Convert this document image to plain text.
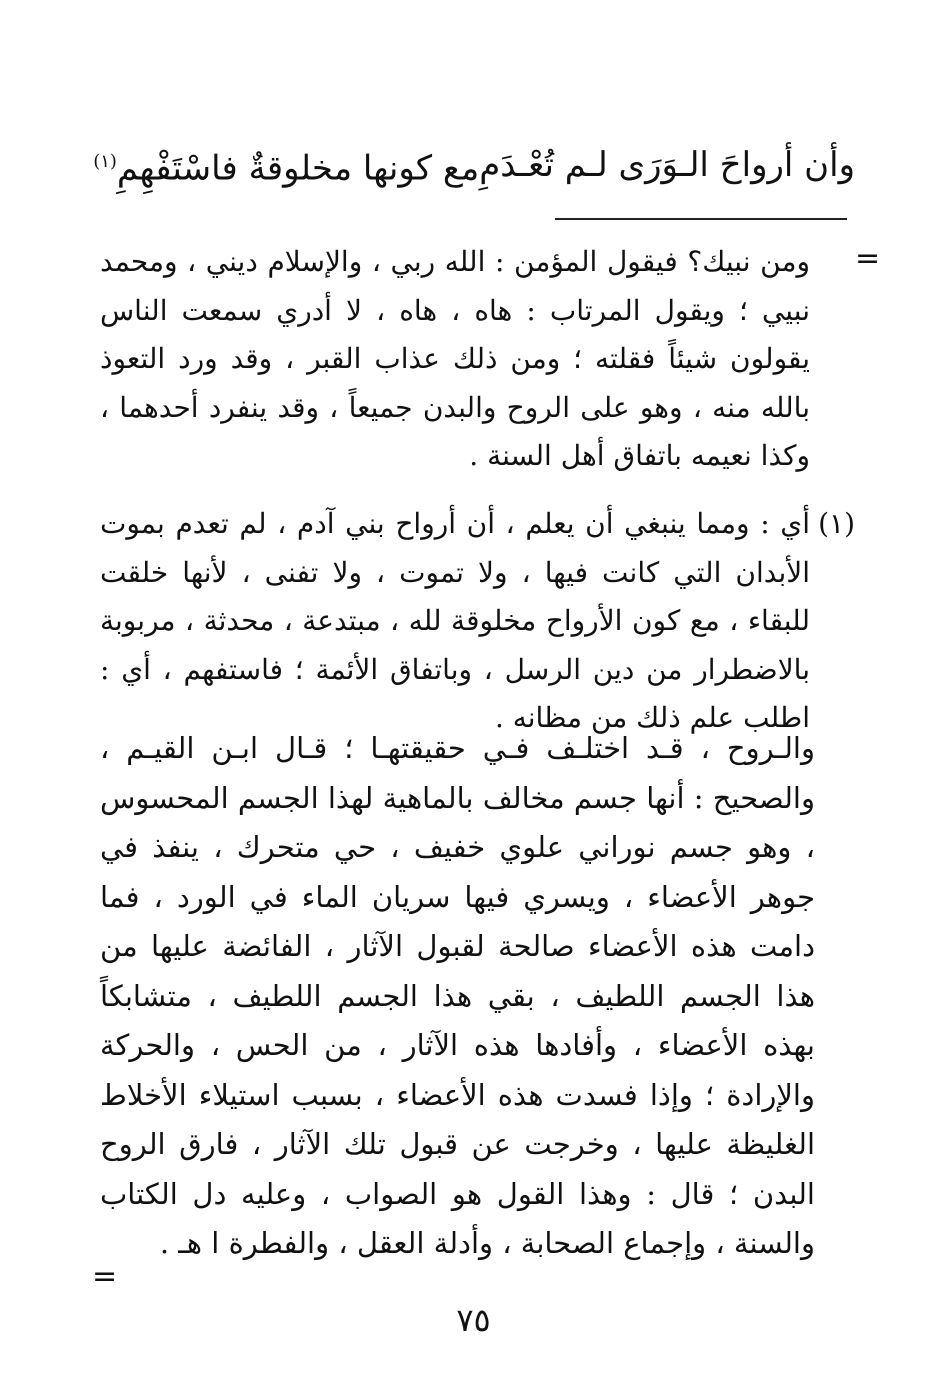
وأن أرواحَ الـوَرَى لـم تُعْـدَمِ
مع كونها مخلوقةٌ فاسْتَفْهِمِ$^{(١)}$
=
ومن نبيك؟ فيقول المؤمن : الله ربي ، والإسلام ديني ، ومحمد نبيي ؛ ويقول المرتاب : هاه ، هاه ، لا أدري سمعت الناس يقولون شيئاً فقلته ؛ ومن ذلك عذاب القبر ، وقد ورد التعوذ بالله منه ، وهو على الروح والبدن جميعاً ، وقد ينفرد أحدهما ، وكذا نعيمه باتفاق أهل السنة .
(١)
أي : ومما ينبغي أن يعلم ، أن أرواح بني آدم ، لم تعدم بموت الأبدان التي كانت فيها ، ولا تموت ، ولا تفنى ، لأنها خلقت للبقاء ، مع كون الأرواح مخلوقة لله ، مبتدعة ، محدثة ، مربوبة بالاضطرار من دين الرسل ، وباتفاق الأئمة ؛ فاستفهم ، أي : اطلب علم ذلك من مظانه .
والـروح ، قـد اختلـف فـي حقيقتهـا ؛ قـال ابـن القيـم ، والصحيح : أنها جسم مخالف بالماهية لهذا الجسم المحسوس ، وهو جسم نوراني علوي خفيف ، حي متحرك ، ينفذ في جوهر الأعضاء ، ويسري فيها سريان الماء في الورد ، فما دامت هذه الأعضاء صالحة لقبول الآثار ، الفائضة عليها من هذا الجسم اللطيف ، بقي هذا الجسم اللطيف ، متشابكاً بهذه الأعضاء ، وأفادها هذه الآثار ، من الحس ، والحركة والإرادة ؛ وإذا فسدت هذه الأعضاء ، بسبب استيلاء الأخلاط الغليظة عليها ، وخرجت عن قبول تلك الآثار ، فارق الروح البدن ؛ قال : وهذا القول هو الصواب ، وعليه دل الكتاب والسنة ، وإجماع الصحابة ، وأدلة العقل ، والفطرة ا هـ .
=
٧٥
